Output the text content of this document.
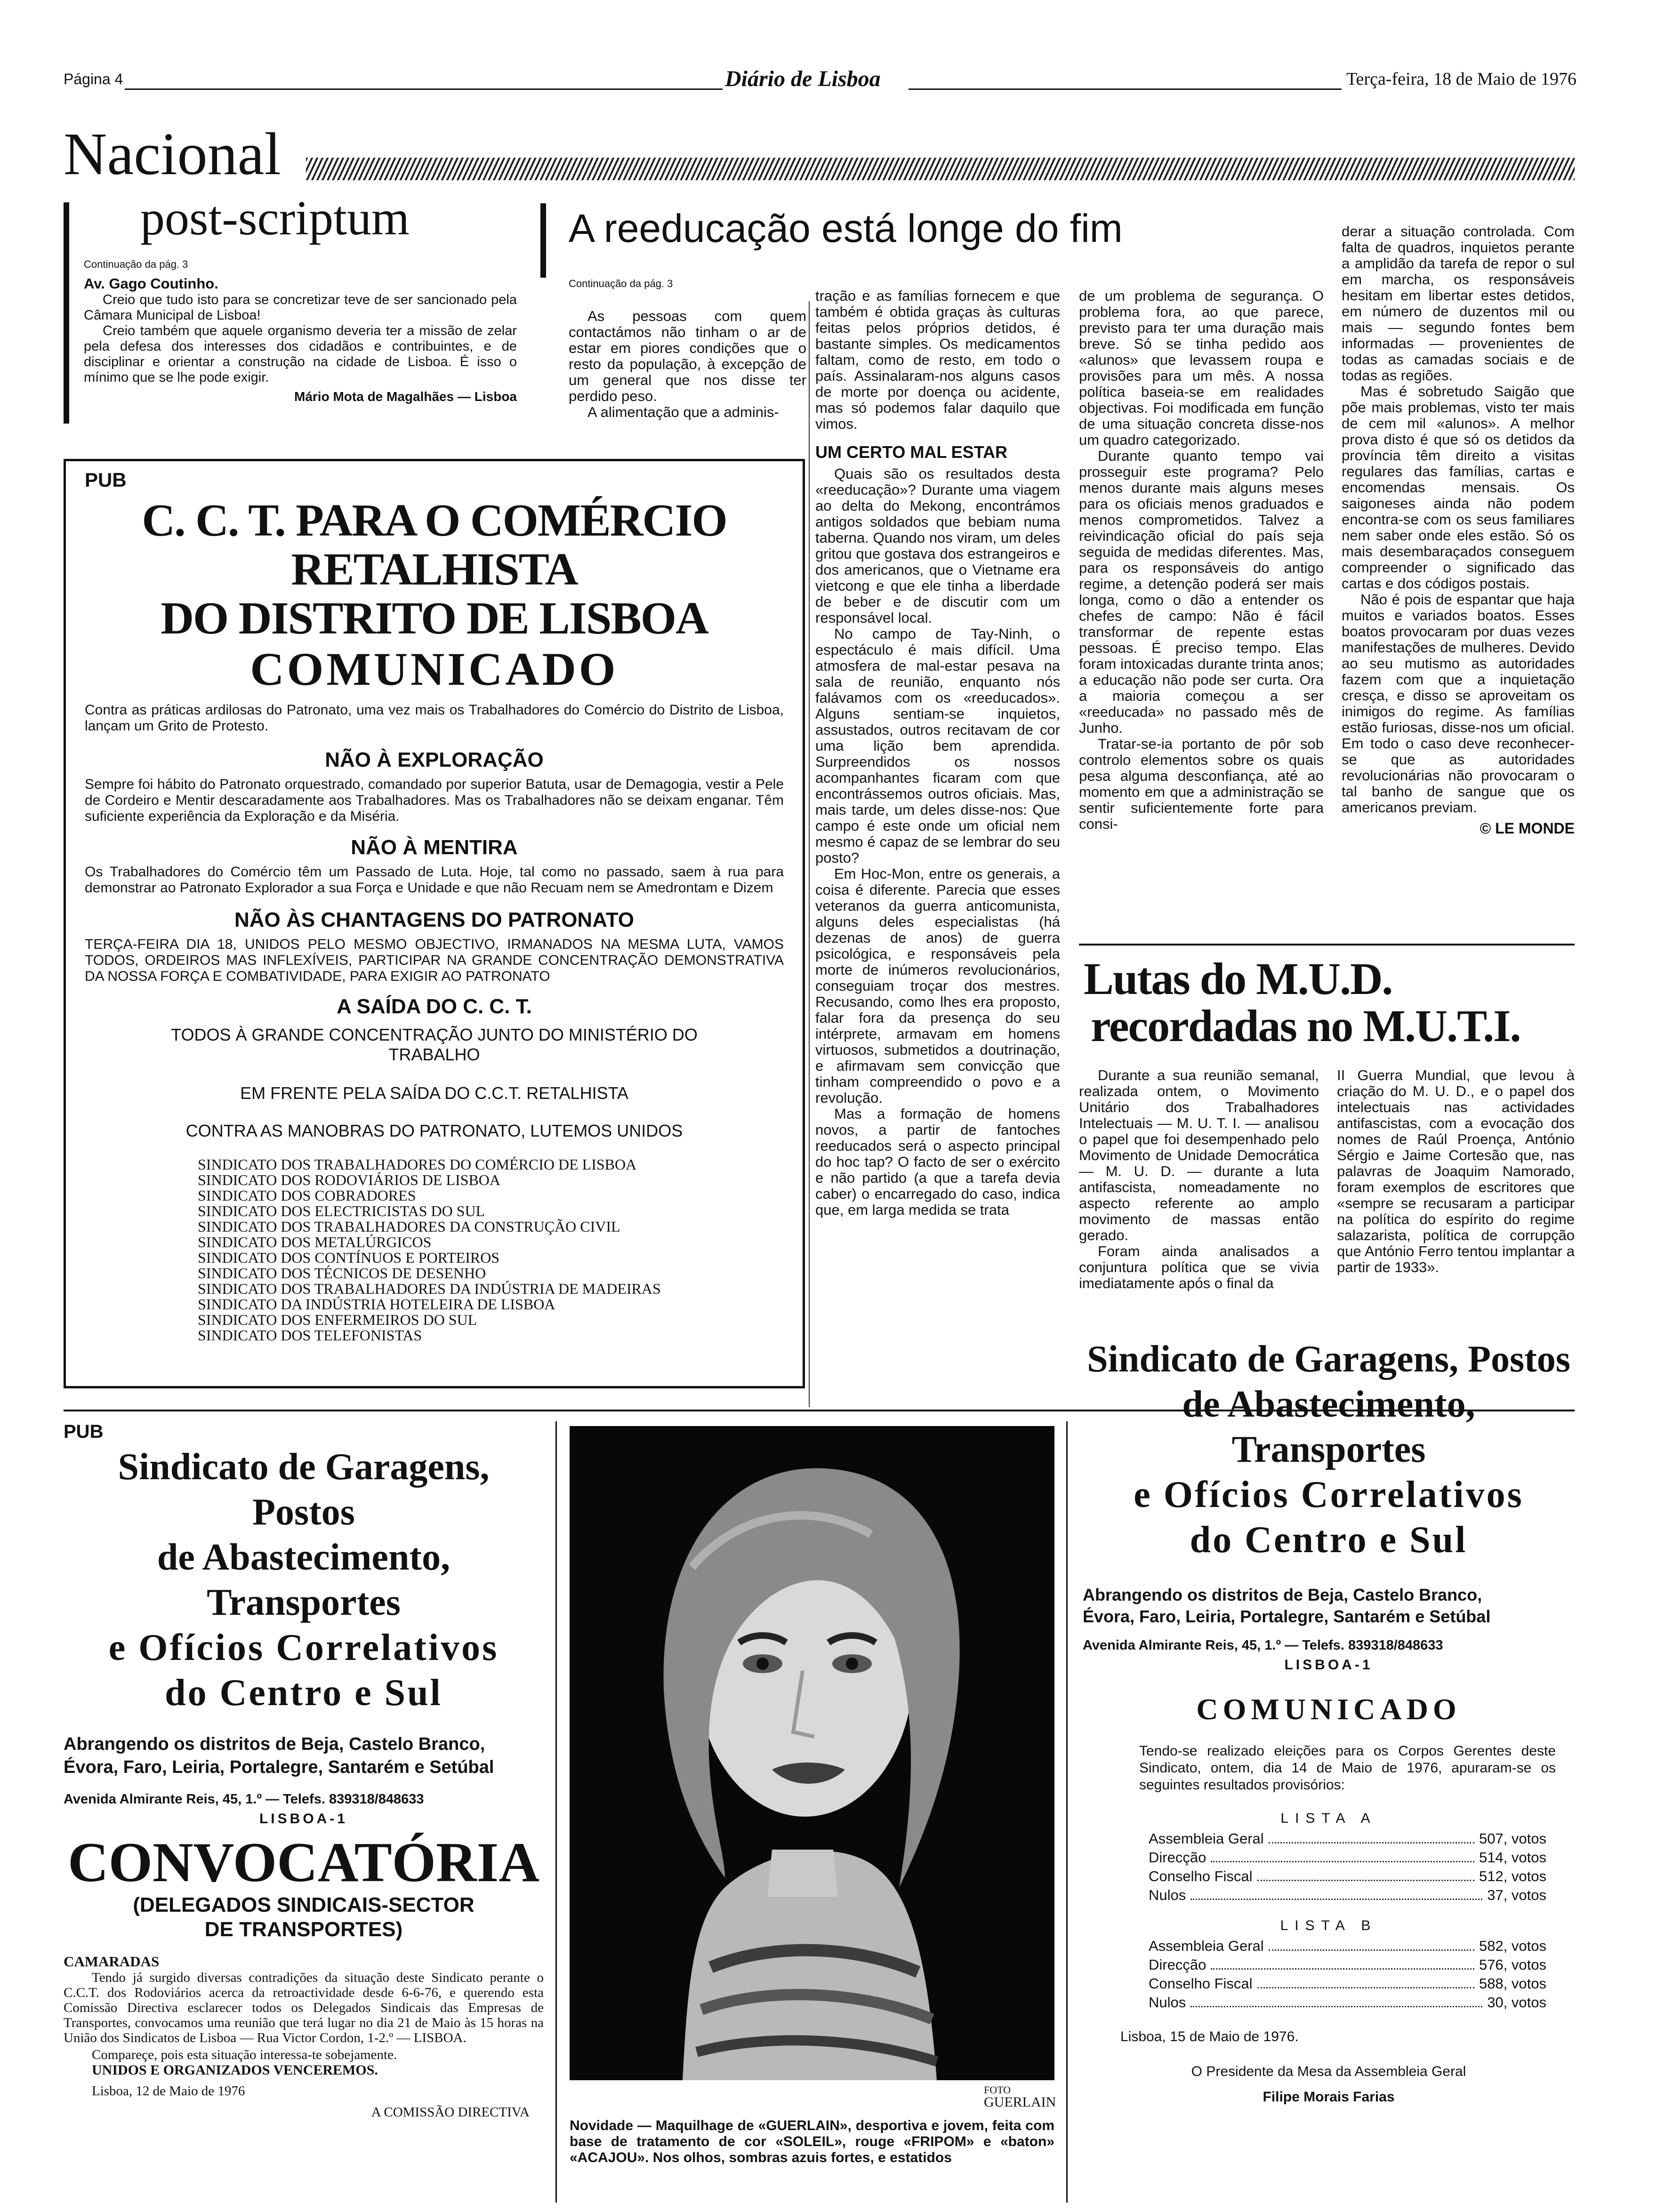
Página 4	Diário de Lisboa	Terça-feira, 18 de Maio de 1976
Nacional
post-scriptum
Continuação da pág. 3
Av. Gago Coutinho.

Creio que tudo isto para se concretizar teve de ser sancionado pela Câmara Municipal de Lisboa!

Creio também que aquele organismo deveria ter a missão de zelar pela defesa dos interesses dos cidadãos e contribuintes, e de disciplinar e orientar a construção na cidade de Lisboa. É isso o mínimo que se lhe pode exigir.

Mário Mota de Magalhães — Lisboa
A reeducação está longe do fim
Continuação da pág. 3

As pessoas com quem contactámos não tinham o ar de estar em piores condições que o resto da população, à excepção de um general que nos disse ter perdido peso.

A alimentação que a adminis-

tração e as famílias fornecem e que também é obtida graças às culturas feitas pelos próprios detidos, é bastante simples. Os medicamentos faltam, como de resto, em todo o país. Assinalaram-nos alguns casos de morte por doença ou acidente, mas só podemos falar daquilo que vimos.

UM CERTO MAL ESTAR

Quais são os resultados desta «reeducação»? Durante uma viagem ao delta do Mekong, encontrámos antigos soldados que bebiam numa taberna. Quando nos viram, um deles gritou que gostava dos estrangeiros e dos americanos, que o Vietname era vietcong e que ele tinha a liberdade de beber e de discutir com um responsável local.

No campo de Tay-Ninh, o espectáculo é mais difícil. Uma atmosfera de mal-estar pesava na sala de reunião, enquanto nós falávamos com os «reeducados». Alguns sentiam-se inquietos, assustados, outros recitavam de cor uma lição bem aprendida. Surpreendidos os nossos acompanhantes ficaram com que encontrássemos outros oficiais. Mas, mais tarde, um deles disse-nos: Que campo é este onde um oficial nem mesmo é capaz de se lembrar do seu posto?

Em Hoc-Mon, entre os generais, a coisa é diferente. Parecia que esses veteranos da guerra anticomunista, alguns deles especialistas (há dezenas de anos) de guerra psicológica, e responsáveis pela morte de inúmeros revolucionários, conseguiam troçar dos mestres. Recusando, como lhes era proposto, falar fora da presença do seu intérprete, armavam em homens virtuosos, submetidos a doutrinação, e afirmavam sem convicção que tinham compreendido o povo e a revolução.

Mas a formação de homens novos, a partir de fantoches reeducados será o aspecto principal do hoc tap? O facto de ser o exército e não partido (a que a tarefa devia caber) o encarregado do caso, indica que, em larga medida se trata

de um problema de segurança. O problema fora, ao que parece, previsto para ter uma duração mais breve. Só se tinha pedido aos «alunos» que levassem roupa e provisões para um mês. A nossa política baseia-se em realidades objectivas. Foi modificada em função de uma situação concreta disse-nos um quadro categorizado.

Durante quanto tempo vai prosseguir este programa? Pelo menos durante mais alguns meses para os oficiais menos graduados e menos comprometidos. Talvez a reivindicação oficial do país seja seguida de medidas diferentes. Mas, para os responsáveis do antigo regime, a detenção poderá ser mais longa, como o dão a entender os chefes de campo: Não é fácil transformar de repente estas pessoas. É preciso tempo. Elas foram intoxicadas durante trinta anos; a educação não pode ser curta. Ora a maioria começou a ser «reeducada» no passado mês de Junho.

Tratar-se-ia portanto de pôr sob controlo elementos sobre os quais pesa alguma desconfiança, até ao momento em que a administração se sentir suficientemente forte para consi-

derar a situação controlada. Com falta de quadros, inquietos perante a amplidão da tarefa de repor o sul em marcha, os responsáveis hesitam em libertar estes detidos, em número de duzentos mil ou mais — segundo fontes bem informadas — provenientes de todas as camadas sociais e de todas as regiões.

Mas é sobretudo Saigão que põe mais problemas, visto ter mais de cem mil «alunos». A melhor prova disto é que só os detidos da província têm direito a visitas regulares das famílias, cartas e encomendas mensais. Os saigoneses ainda não podem encontra-se com os seus familiares nem saber onde eles estão. Só os mais desembaraçados conseguem compreender o significado das cartas e dos códigos postais.

Não é pois de espantar que haja muitos e variados boatos. Esses boatos provocaram por duas vezes manifestações de mulheres. Devido ao seu mutismo as autoridades fazem com que a inquietação cresça, e disso se aproveitam os inimigos do regime. As famílias estão furiosas, disse-nos um oficial. Em todo o caso deve reconhecer-se que as autoridades revolucionárias não provocaram o tal banho de sangue que os americanos previam.

© LE MONDE
PUB
C. C. T. PARA O COMÉRCIO RETALHISTA
DO DISTRITO DE LISBOA
COMUNICADO
Contra as práticas ardilosas do Patronato, uma vez mais os Trabalhadores do Comércio do Distrito de Lisboa, lançam um Grito de Protesto.
NÃO À EXPLORAÇÃO
Sempre foi hábito do Patronato orquestrado, comandado por superior Batuta, usar de Demagogia, vestir a Pele de Cordeiro e Mentir descaradamente aos Trabalhadores. Mas os Trabalhadores não se deixam enganar. Têm suficiente experiência da Exploração e da Miséria.
NÃO À MENTIRA
Os Trabalhadores do Comércio têm um Passado de Luta. Hoje, tal como no passado, saem à rua para demonstrar ao Patronato Explorador a sua Força e Unidade e que não Recuam nem se Amedrontam e Dizem
NÃO ÀS CHANTAGENS DO PATRONATO
TERÇA-FEIRA DIA 18, UNIDOS PELO MESMO OBJECTIVO, IRMANADOS NA MESMA LUTA, VAMOS TODOS, ORDEIROS MAS INFLEXÍVEIS, PARTICIPAR NA GRANDE CONCENTRAÇÃO DEMONSTRATIVA DA NOSSA FORÇA E COMBATIVIDADE, PARA EXIGIR AO PATRONATO
A SAÍDA DO C. C. T.
TODOS À GRANDE CONCENTRAÇÃO JUNTO DO MINISTÉRIO DO TRABALHO
EM FRENTE PELA SAÍDA DO C.C.T. RETALHISTA
CONTRA AS MANOBRAS DO PATRONATO, LUTEMOS UNIDOS
SINDICATO DOS TRABALHADORES DO COMÉRCIO DE LISBOA
SINDICATO DOS RODOVIÁRIOS DE LISBOA
SINDICATO DOS COBRADORES
SINDICATO DOS ELECTRICISTAS DO SUL
SINDICATO DOS TRABALHADORES DA CONSTRUÇÃO CIVIL
SINDICATO DOS METALÚRGICOS
SINDICATO DOS CONTÍNUOS E PORTEIROS
SINDICATO DOS TÉCNICOS DE DESENHO
SINDICATO DOS TRABALHADORES DA INDÚSTRIA DE MADEIRAS
SINDICATO DA INDÚSTRIA HOTELEIRA DE LISBOA
SINDICATO DOS ENFERMEIROS DO SUL
SINDICATO DOS TELEFONISTAS
Lutas do M.U.D.
recordadas no M.U.T.I.

Durante a sua reunião semanal, realizada ontem, o Movimento Unitário dos Trabalhadores Intelectuais — M. U. T. I. — analisou o papel que foi desempenhado pelo Movimento de Unidade Democrática — M. U. D. — durante a luta antifascista, nomeadamente no aspecto referente ao amplo movimento de massas então gerado.

Foram ainda analisados a conjuntura política que se vivia imediatamente após o final da

II Guerra Mundial, que levou à criação do M. U. D., e o papel dos intelectuais nas actividades antifascistas, com a evocação dos nomes de Raúl Proença, António Sérgio e Jaime Cortesão que, nas palavras de Joaquim Namorado, foram exemplos de escritores que «sempre se recusaram a participar na política do espírito do regime salazarista, política de corrupção que António Ferro tentou implantar a partir de 1933».

PUB
Sindicato de Garagens, Postos
de Abastecimento, Transportes
e Ofícios Correlativos
do Centro e Sul
Abrangendo os distritos de Beja, Castelo Branco,
Évora, Faro, Leiria, Portalegre, Santarém e Setúbal
Avenida Almirante Reis, 45, 1.º — Telefs. 839318/848633
LISBOA-1
CONVOCATÓRIA
(DELEGADOS SINDICAIS-SECTOR
DE TRANSPORTES)
CAMARADAS
Tendo já surgido diversas contradições da situação deste Sindicato perante o C.C.T. dos Rodoviários acerca da retroactividade desde 6-6-76, e querendo esta Comissão Directiva esclarecer todos os Delegados Sindicais das Empresas de Transportes, convocamos uma reunião que terá lugar no dia 21 de Maio às 15 horas na União dos Sindicatos de Lisboa — Rua Victor Cordon, 1-2.º — LISBOA.
Compareçe, pois esta situação interessa-te sobejamente.
UNIDOS E ORGANIZADOS VENCEREMOS.
Lisboa, 12 de Maio de 1976
A COMISSÃO DIRECTIVA
FOTO
GUERLAIN
Novidade — Maquilhage de «GUERLAIN», desportiva e jovem, feita com base de tratamento de cor «SOLEIL», rouge «FRIPOM» e «baton» «ACAJOU». Nos olhos, sombras azuis fortes, e estatidos
Sindicato de Garagens, Postos
de Abastecimento, Transportes
e Ofícios Correlativos
do Centro e Sul
Abrangendo os distritos de Beja, Castelo Branco,
Évora, Faro, Leiria, Portalegre, Santarém e Setúbal
Avenida Almirante Reis, 45, 1.º — Telefs. 839318/848633
LISBOA-1
COMUNICADO
Tendo-se realizado eleições para os Corpos Gerentes deste Sindicato, ontem, dia 14 de Maio de 1976, apuraram-se os seguintes resultados provisórios:
LISTA A
Assembleia Geral	507, votos
Direcção	514, votos
Conselho Fiscal	512, votos
Nulos	37, votos
LISTA B
Assembleia Geral	582, votos
Direcção	576, votos
Conselho Fiscal	588, votos
Nulos	30, votos
Lisboa, 15 de Maio de 1976.
O Presidente da Mesa da Assembleia Geral
Filipe Morais Farias
